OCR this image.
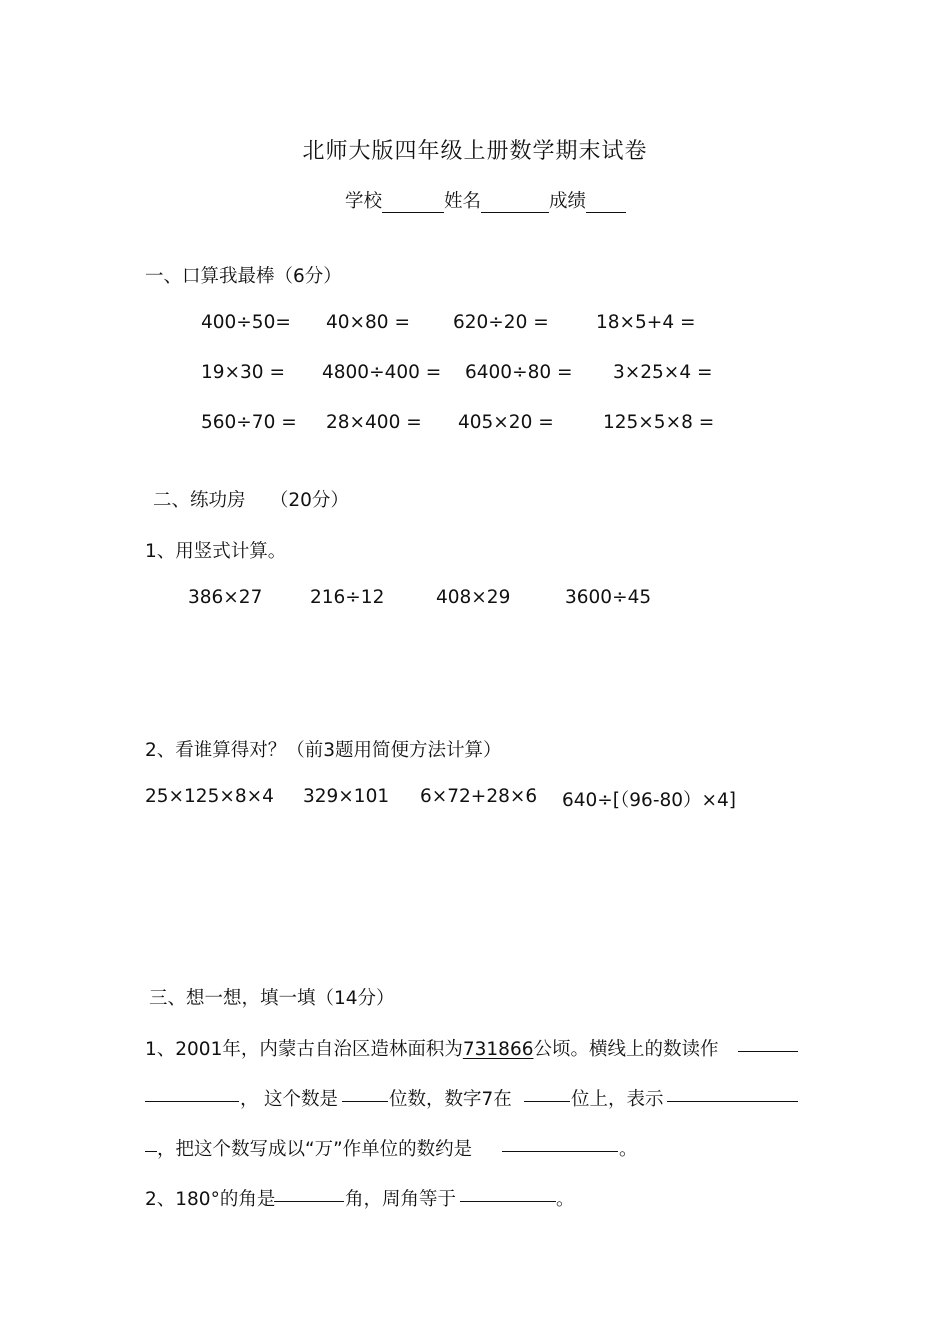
北师大版四年级上册数学期末试卷
学校	姓名	成绩
一、口算我最棒（6分）
400÷50= 40×80 = 620÷20 =	18×5+4 =
19×30 = 4800÷400 = 6400÷80 = 3×25×4 =
560÷70 = 28×400 = 405×20 =	125×5×8 =
二、练功房　 （20分）
1、用竖式计算。
386×27	216÷12	408×29	3600÷45
2、看谁算得对？（前3题用简便方法计算）
25×125×8×4 329×101 6×72+28×6 640÷[（96-80）×4]
三、想一想，填一填（14分）
1、2001年，内蒙古自治区造林面积为731866公顷。横线上的数读作
， 这个数是	位数，数字7在	位上，表示
，把这个数写成以“万”作单位的数约是	。
2、180°的角是	角，周角等于	。
